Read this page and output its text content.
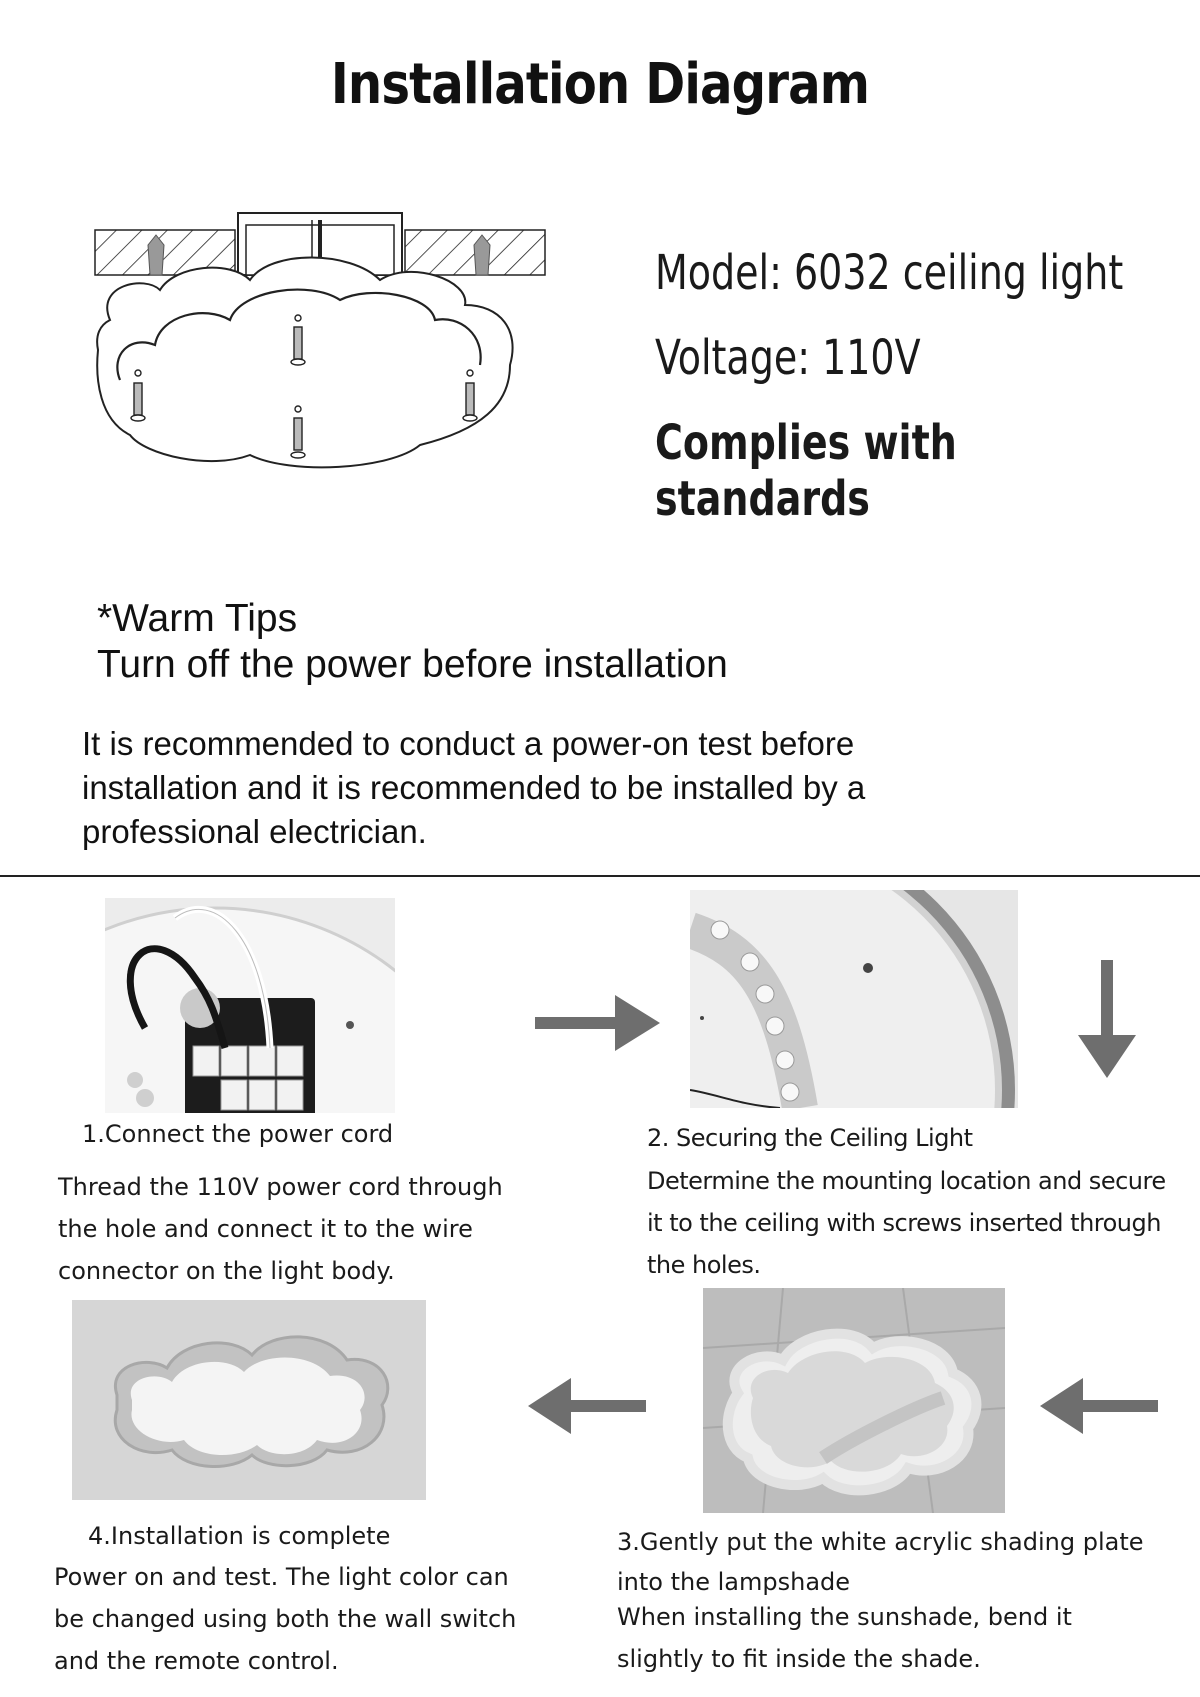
Installation Diagram
Model: 6032 ceiling light
Voltage: 110V
Complies with standards
*Warm Tips
Turn off the power before installation
It is recommended to conduct a power-on test before installation and it is recommended to be installed by a professional electrician.
1.Connect the power cord
Thread the 110V power cord through the hole and connect it to the wire connector on the light body.
2. Securing the Ceiling Light
Determine the mounting location and secure it to the ceiling with screws inserted through the holes.
4.Installation is complete
Power on and test. The light color can be changed using both the wall switch and the remote control.
3.Gently put the white acrylic shading plate into the lampshade
When installing the sunshade, bend it slightly to fit inside the shade.
